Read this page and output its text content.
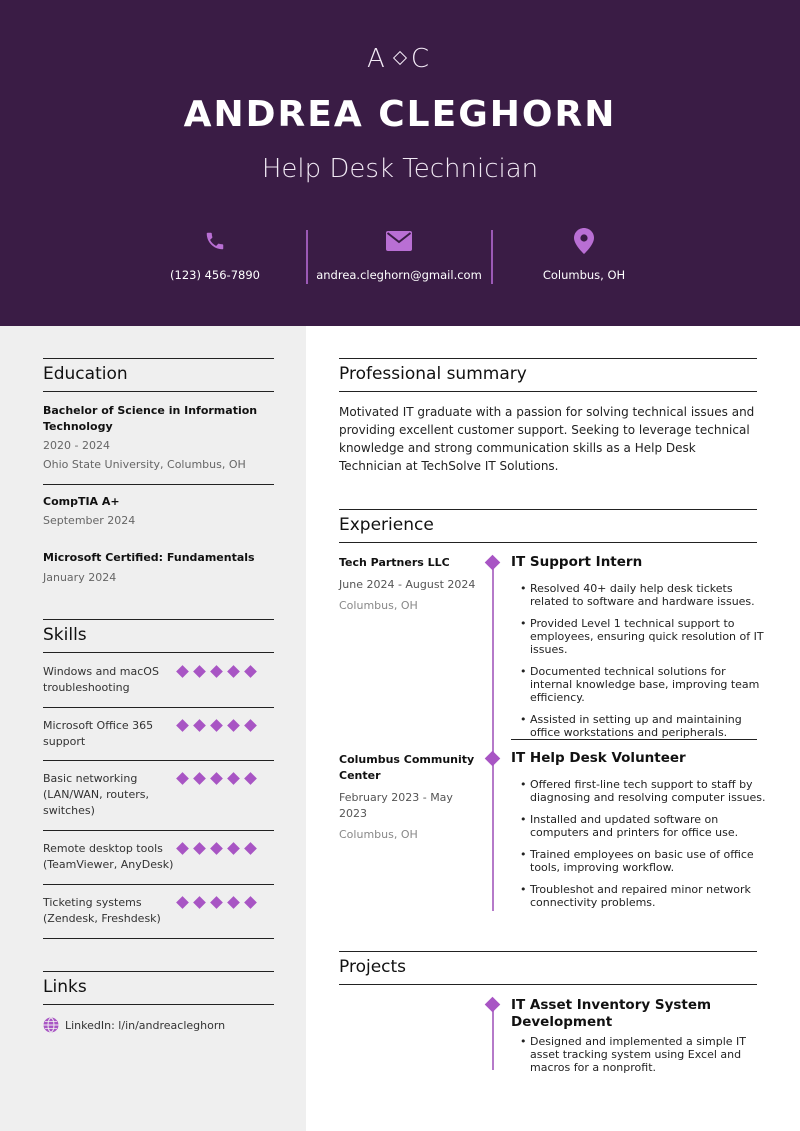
A C
ANDREA CLEGHORN
Help Desk Technician
(123) 456-7890	andrea.cleghorn@gmail.com	Columbus, OH
Education
Bachelor of Science in Information
Technology
2020 - 2024
Ohio State University, Columbus, OH
CompTIA A+
September 2024
Microsoft Certified: Fundamentals
January 2024
Skills
Windows and macOS
troubleshooting
Microsoft Office 365
support
Basic networking
(LAN/WAN, routers,
switches)
Remote desktop tools
(TeamViewer, AnyDesk)
Ticketing systems
(Zendesk, Freshdesk)
Links
LinkedIn: l/in/andreacleghorn
Professional summary
Motivated IT graduate with a passion for solving technical issues and providing excellent customer support. Seeking to leverage technical knowledge and strong communication skills as a Help Desk Technician at TechSolve IT Solutions.
Experience
Tech Partners LLC
June 2024 - August 2024
Columbus, OH
IT Support Intern
• Resolved 40+ daily help desk tickets related to software and hardware issues.
• Provided Level 1 technical support to employees, ensuring quick resolution of IT issues.
• Documented technical solutions for internal knowledge base, improving team efficiency.
• Assisted in setting up and maintaining office workstations and peripherals.
Columbus Community
Center
February 2023 - May
2023
Columbus, OH
IT Help Desk Volunteer
• Offered first-line tech support to staff by diagnosing and resolving computer issues.
• Installed and updated software on computers and printers for office use.
• Trained employees on basic use of office tools, improving workflow.
• Troubleshot and repaired minor network connectivity problems.
Projects
IT Asset Inventory System
Development
• Designed and implemented a simple IT asset tracking system using Excel and macros for a nonprofit.
